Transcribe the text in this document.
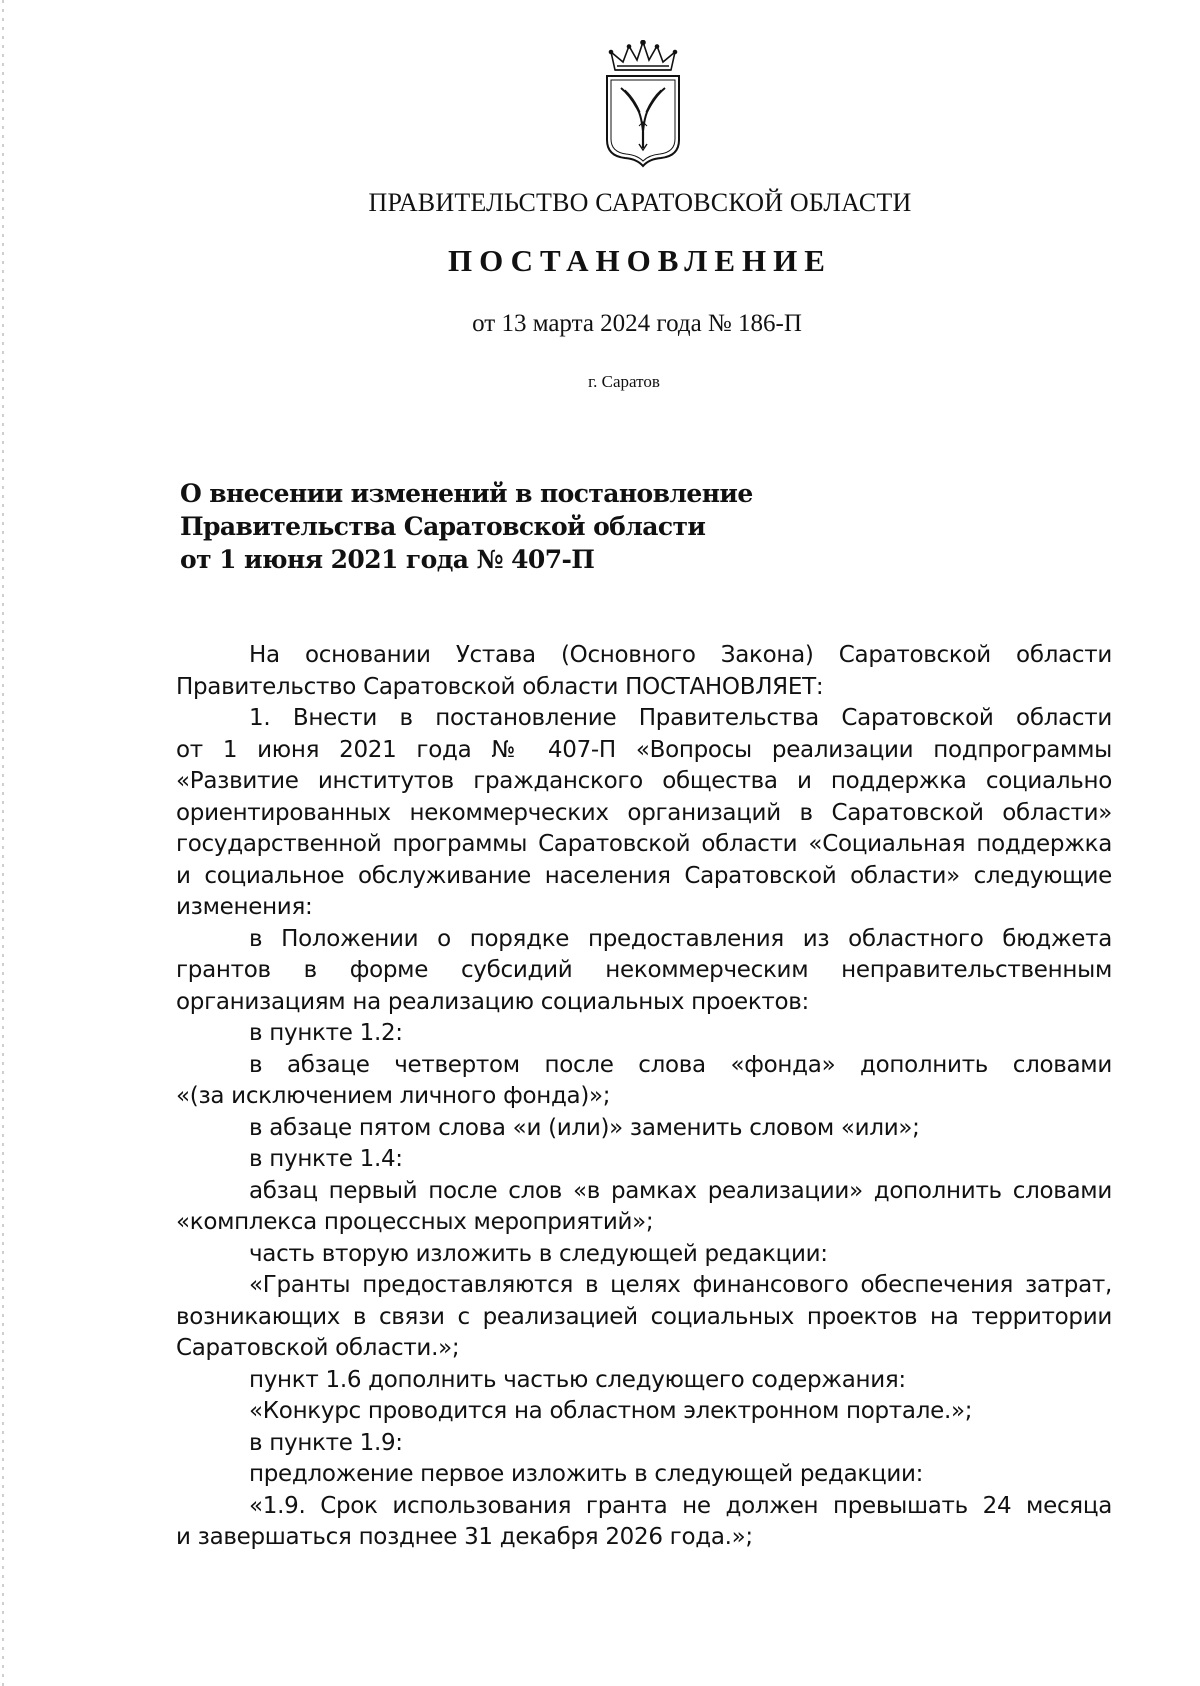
ПРАВИТЕЛЬСТВО САРАТОВСКОЙ ОБЛАСТИ
ПОСТАНОВЛЕНИЕ
от 13 марта 2024 года № 186-П
г. Саратов
О внесении изменений в постановление
Правительства Саратовской области
от 1 июня 2021 года № 407-П
На основании Устава (Основного Закона) Саратовской области
Правительство Саратовской области ПОСТАНОВЛЯЕТ:
1. Внести в постановление Правительства Саратовской области
от 1 июня 2021 года № 407-П «Вопросы реализации подпрограммы
«Развитие институтов гражданского общества и поддержка социально
ориентированных некоммерческих организаций в Саратовской области»
государственной программы Саратовской области «Социальная поддержка
и социальное обслуживание населения Саратовской области» следующие
изменения:
в Положении о порядке предоставления из областного бюджета
грантов в форме субсидий некоммерческим неправительственным
организациям на реализацию социальных проектов:
в пункте 1.2:
в абзаце четвертом после слова «фонда» дополнить словами
«(за исключением личного фонда)»;
в абзаце пятом слова «и (или)» заменить словом «или»;
в пункте 1.4:
абзац первый после слов «в рамках реализации» дополнить словами
«комплекса процессных мероприятий»;
часть вторую изложить в следующей редакции:
«Гранты предоставляются в целях финансового обеспечения затрат,
возникающих в связи с реализацией социальных проектов на территории
Саратовской области.»;
пункт 1.6 дополнить частью следующего содержания:
«Конкурс проводится на областном электронном портале.»;
в пункте 1.9:
предложение первое изложить в следующей редакции:
«1.9. Срок использования гранта не должен превышать 24 месяца
и завершаться позднее 31 декабря 2026 года.»;
